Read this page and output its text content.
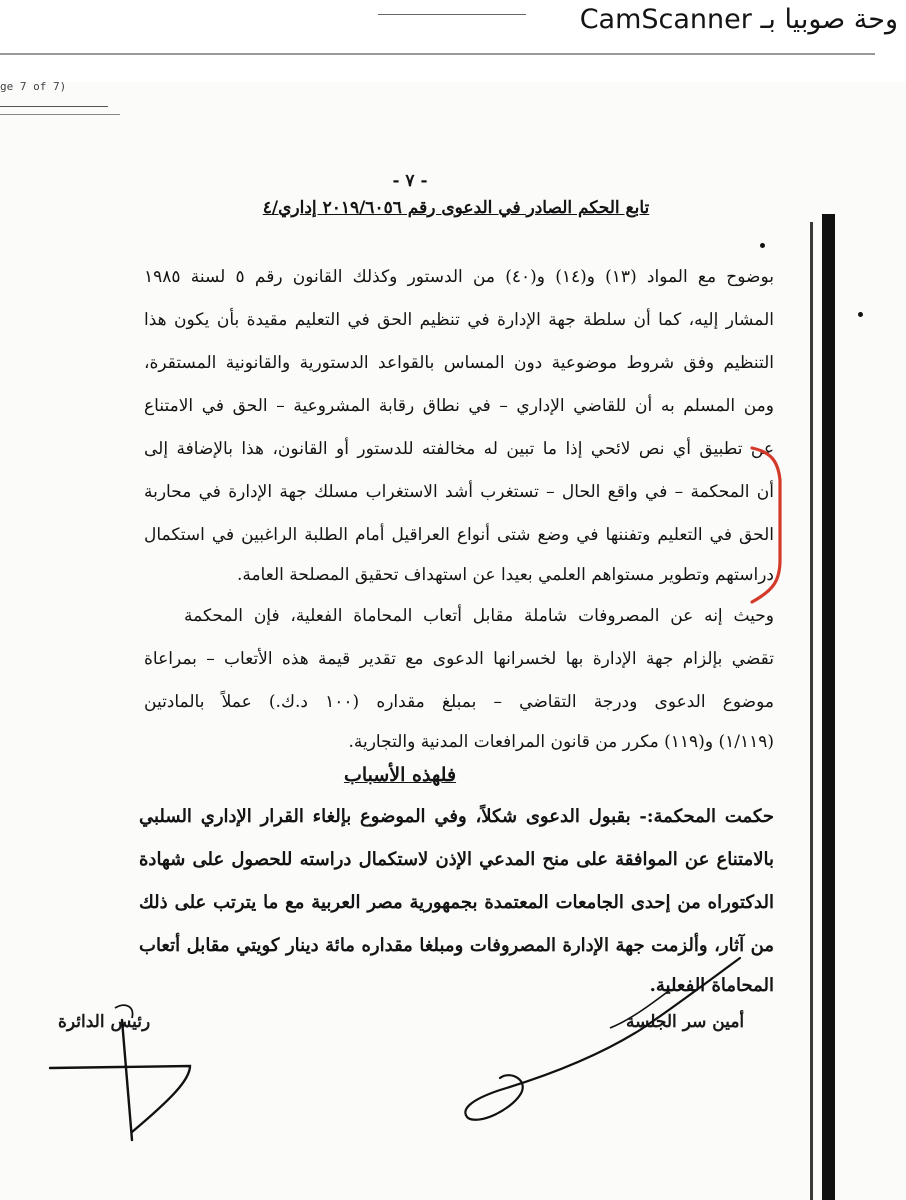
وحة صوبيا بـ CamScanner
ge 7 of 7)
- ٧ -
تابع الحكم الصادر في الدعوى رقم ٢٠١٩/٦٠٥٦ إداري/٤
بوضوح مع المواد (١٣) و(١٤) و(٤٠) من الدستور وكذلك القانون رقم ٥ لسنة ١٩٨٥
المشار إليه، كما أن سلطة جهة الإدارة في تنظيم الحق في التعليم مقيدة بأن يكون هذا
التنظيم وفق شروط موضوعية دون المساس بالقواعد الدستورية والقانونية المستقرة،
ومن المسلم به أن للقاضي الإداري – في نطاق رقابة المشروعية – الحق في الامتناع
عن تطبيق أي نص لائحي إذا ما تبين له مخالفته للدستور أو القانون، هذا بالإضافة إلى
أن المحكمة – في واقع الحال – تستغرب أشد الاستغراب مسلك جهة الإدارة في محاربة
الحق في التعليم وتفننها في وضع شتى أنواع العراقيل أمام الطلبة الراغبين في استكمال
دراستهم وتطوير مستواهم العلمي بعيدا عن استهداف تحقيق المصلحة العامة.
وحيث إنه عن المصروفات شاملة مقابل أتعاب المحاماة الفعلية، فإن المحكمة
تقضي بإلزام جهة الإدارة بها لخسرانها الدعوى مع تقدير قيمة هذه الأتعاب – بمراعاة
موضوع الدعوى ودرجة التقاضي – بمبلغ مقداره (١٠٠ د.ك.) عملاً بالمادتين
(١/١١٩) و(١١٩) مكرر من قانون المرافعات المدنية والتجارية.
فلهذه الأسباب
حكمت المحكمة:- بقبول الدعوى شكلاً، وفي الموضوع بإلغاء القرار الإداري السلبي
بالامتناع عن الموافقة على منح المدعي الإذن لاستكمال دراسته للحصول على شهادة
الدكتوراه من إحدى الجامعات المعتمدة بجمهورية مصر العربية مع ما يترتب على ذلك
من آثار، وألزمت جهة الإدارة المصروفات ومبلغا مقداره مائة دينار كويتي مقابل أتعاب
المحاماة الفعلية.
أمين سر الجلسة
رئيس الدائرة
